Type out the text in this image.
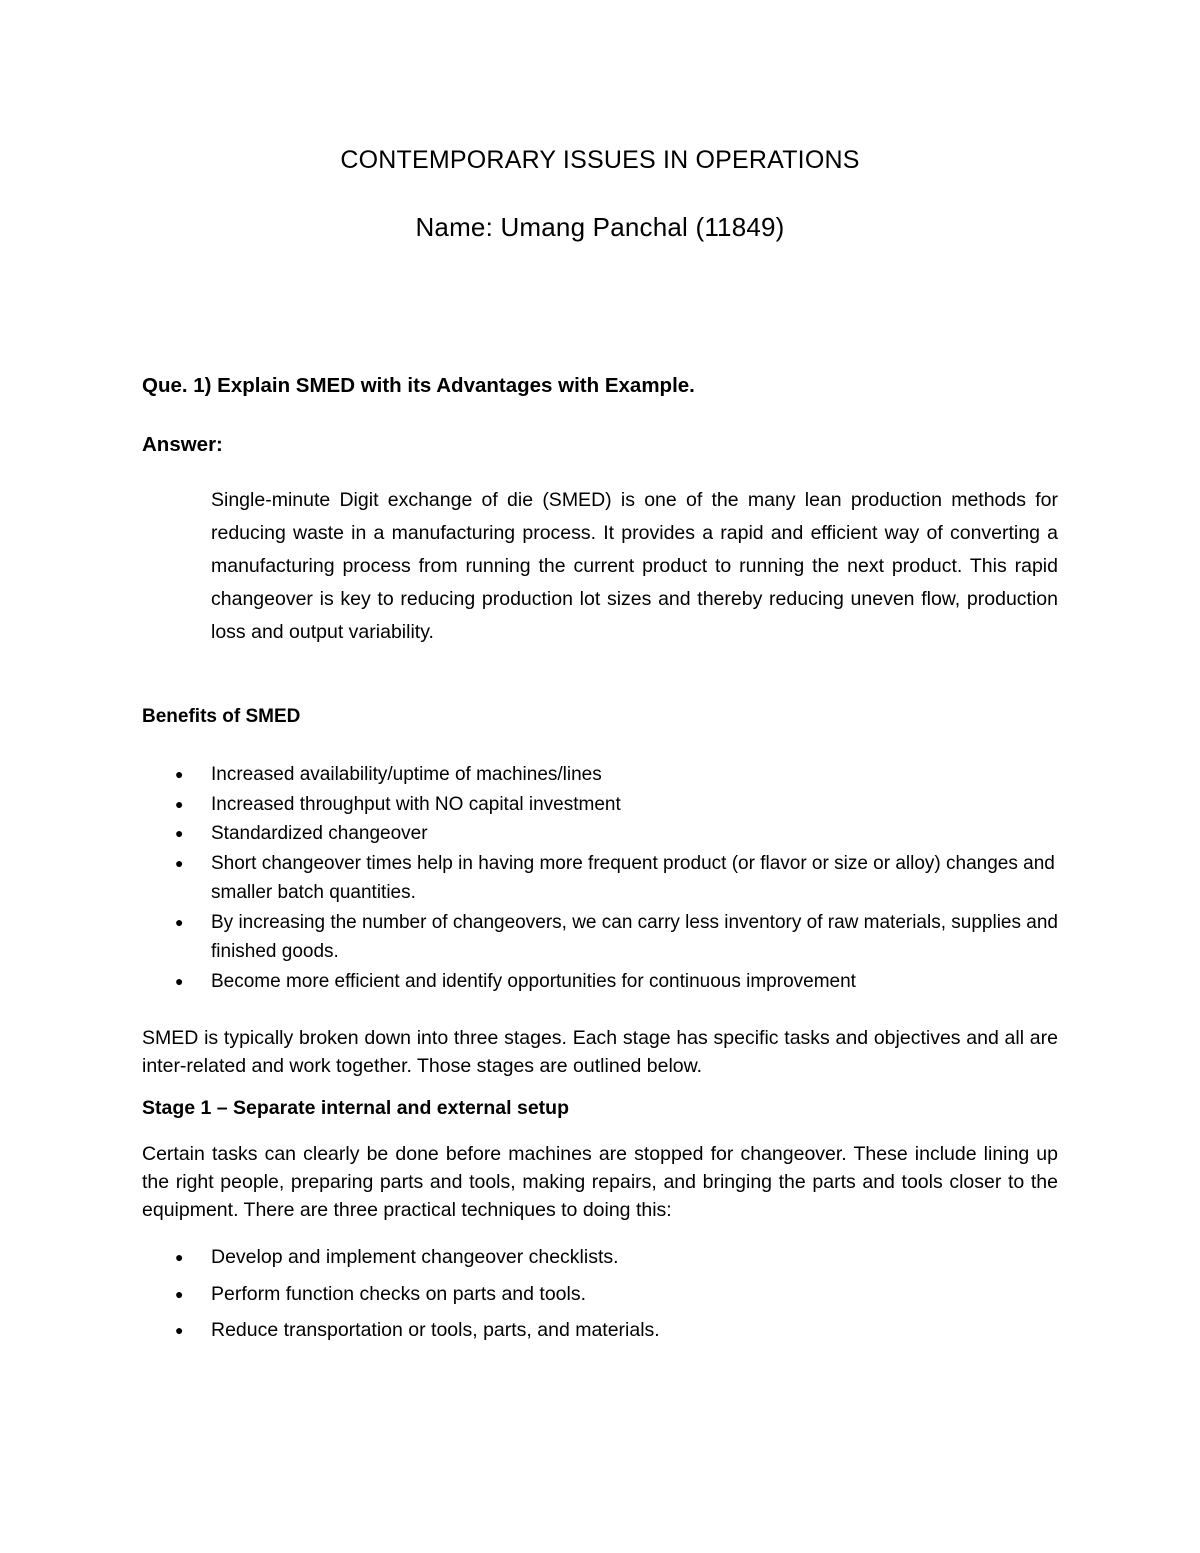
CONTEMPORARY ISSUES IN OPERATIONS
Name: Umang Panchal (11849)

Que. 1) Explain SMED with its Advantages with Example.

Answer:

Single-minute Digit exchange of die (SMED) is one of the many lean production methods for reducing waste in a manufacturing process. It provides a rapid and efficient way of converting a manufacturing process from running the current product to running the next product. This rapid changeover is key to reducing production lot sizes and thereby reducing uneven flow, production loss and output variability.

Benefits of SMED

● Increased availability/uptime of machines/lines
● Increased throughput with NO capital investment
● Standardized changeover
● Short changeover times help in having more frequent product (or flavor or size or alloy) changes and smaller batch quantities.
● By increasing the number of changeovers, we can carry less inventory of raw materials, supplies and finished goods.
● Become more efficient and identify opportunities for continuous improvement

SMED is typically broken down into three stages. Each stage has specific tasks and objectives and all are inter-related and work together. Those stages are outlined below.

Stage 1 – Separate internal and external setup

Certain tasks can clearly be done before machines are stopped for changeover. These include lining up the right people, preparing parts and tools, making repairs, and bringing the parts and tools closer to the equipment. There are three practical techniques to doing this:

● Develop and implement changeover checklists.
● Perform function checks on parts and tools.
● Reduce transportation or tools, parts, and materials.
